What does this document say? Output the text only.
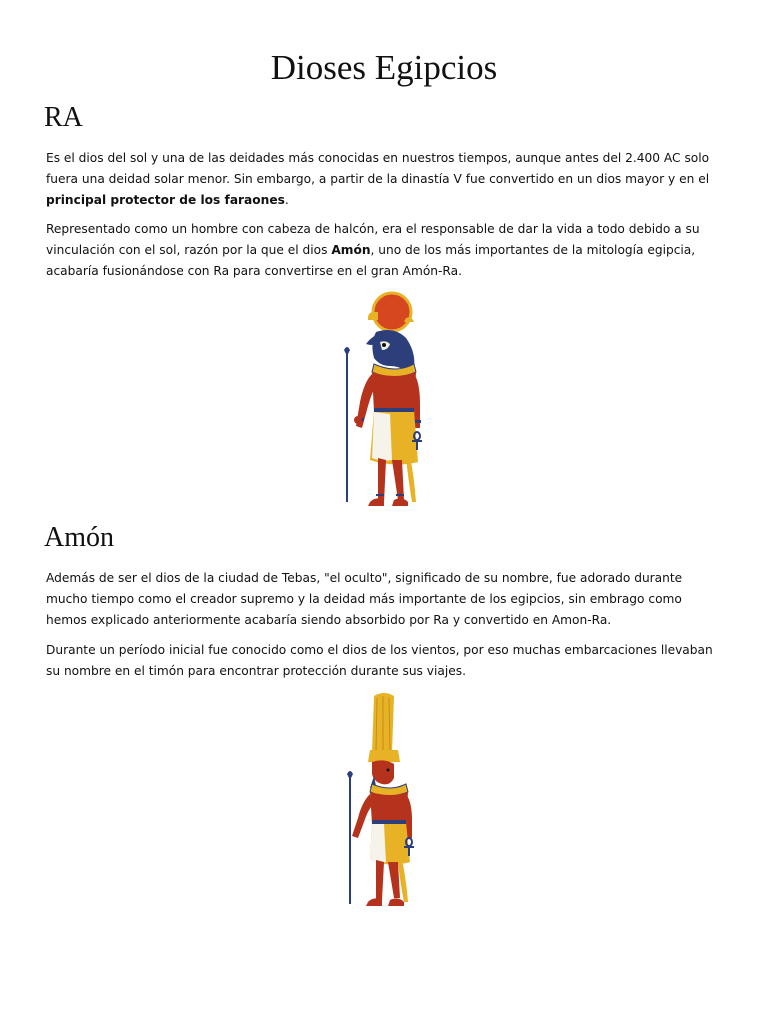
Dioses Egipcios
RA

Es el dios del sol y una de las deidades más conocidas en nuestros tiempos, aunque antes del 2.400 AC solo fuera una deidad solar menor. Sin embargo, a partir de la dinastía V fue convertido en un dios mayor y en el principal protector de los faraones.

Representado como un hombre con cabeza de halcón, era el responsable de dar la vida a todo debido a su vinculación con el sol, razón por la que el dios Amón, uno de los más importantes de la mitología egipcia, acabaría fusionándose con Ra para convertirse en el gran Amón-Ra.

Amón

Además de ser el dios de la ciudad de Tebas, "el oculto", significado de su nombre, fue adorado durante mucho tiempo como el creador supremo y la deidad más importante de los egipcios, sin embrago como hemos explicado anteriormente acabaría siendo absorbido por Ra y convertido en Amon-Ra.

Durante un período inicial fue conocido como el dios de los vientos, por eso muchas embarcaciones llevaban su nombre en el timón para encontrar protección durante sus viajes.
